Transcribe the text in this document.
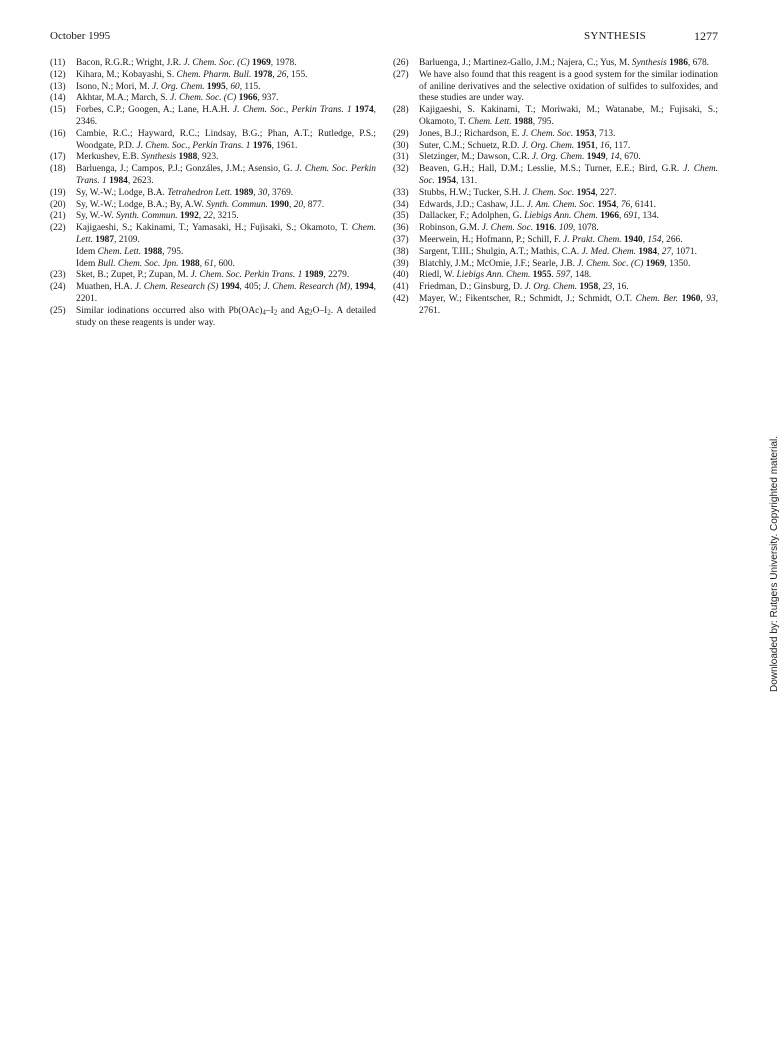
October 1995	SYNTHESIS	1277
(11) Bacon, R.G.R.; Wright, J.R. J. Chem. Soc. (C) 1969, 1978.
(12) Kihara, M.; Kobayashi, S. Chem. Pharm. Bull. 1978, 26, 155.
(13) Isono, N.; Mori, M. J. Org. Chem. 1995, 60, 115.
(14) Akhtar, M.A.; March, S. J. Chem. Soc. (C) 1966, 937.
(15) Forbes, C.P.; Googen, A.; Lane, H.A.H. J. Chem. Soc., Perkin Trans. 1 1974, 2346.
(16) Cambie, R.C.; Hayward, R.C.; Lindsay, B.G.; Phan, A.T.; Rutledge, P.S.; Woodgate, P.D. J. Chem. Soc., Perkin Trans. 1 1976, 1961.
(17) Merkushev, E.B. Synthesis 1988, 923.
(18) Barluenga, J.; Campos, P.J.; Gonzáles, J.M.; Asensio, G. J. Chem. Soc. Perkin Trans. 1 1984, 2623.
(19) Sy, W.-W.; Lodge, B.A. Tetrahedron Lett. 1989, 30, 3769.
(20) Sy, W.-W.; Lodge, B.A.; By, A.W. Synth. Commun. 1990, 20, 877.
(21) Sy, W.-W. Synth. Commun. 1992, 22, 3215.
(22) Kajigaeshi, S.; Kakinami, T.; Yamasaki, H.; Fujisaki, S.; Okamoto, T. Chem. Lett. 1987, 2109.
Idem Chem. Lett. 1988, 795.
Idem Bull. Chem. Soc. Jpn. 1988, 61, 600.
(23) Sket, B.; Zupet, P.; Zupan, M. J. Chem. Soc. Perkin Trans. 1 1989, 2279.
(24) Muathen, H.A. J. Chem. Research (S) 1994, 405; J. Chem. Research (M), 1994, 2201.
(25) Similar iodinations occurred also with $Pb(OAc)_4-I_2$ and $Ag_2O-I_2$. A detailed study on these reagents is under way.
(26) Barluenga, J.; Martinez-Gallo, J.M.; Najera, C.; Yus, M. Synthesis 1986, 678.
(27) We have also found that this reagent is a good system for the similar iodination of aniline derivatives and the selective oxidation of sulfides to sulfoxides, and these studies are under way.
(28) Kajigaeshi, S. Kakinami, T.; Moriwaki, M.; Watanabe, M.; Fujisaki, S.; Okamoto, T. Chem. Lett. 1988, 795.
(29) Jones, B.J.; Richardson, E. J. Chem. Soc. 1953, 713.
(30) Suter, C.M.; Schuetz, R.D. J. Org. Chem. 1951, 16, 117.
(31) Sletzinger, M.; Dawson, C.R. J. Org. Chem. 1949, 14, 670.
(32) Beaven, G.H.; Hall, D.M.; Lesslie, M.S.; Turner, E.E.; Bird, G.R. J. Chem. Soc. 1954, 131.
(33) Stubbs, H.W.; Tucker, S.H. J. Chem. Soc. 1954, 227.
(34) Edwards, J.D.; Cashaw, J.L. J. Am. Chem. Soc. 1954, 76, 6141.
(35) Dallacker, F.; Adolphen, G. Liebigs Ann. Chem. 1966, 691, 134.
(36) Robinson, G.M. J. Chem. Soc. 1916. 109, 1078.
(37) Meerwein, H.; Hofmann, P.; Schill, F. J. Prakt. Chem. 1940, 154, 266.
(38) Sargent, T.III.; Shulgin, A.T.; Mathis, C.A. J. Med. Chem. 1984, 27, 1071.
(39) Blatchly, J.M.; McOmie, J.F.; Searle, J.B. J. Chem. Soc. (C) 1969, 1350.
(40) Riedl, W. Liebigs Ann. Chem. 1955. 597, 148.
(41) Friedman, D.; Ginsburg, D. J. Org. Chem. 1958, 23, 16.
(42) Mayer, W.; Fikentscher, R.; Schmidt, J.; Schmidt, O.T. Chem. Ber. 1960, 93, 2761.
Downloaded by: Rutgers University. Copyrighted material.
